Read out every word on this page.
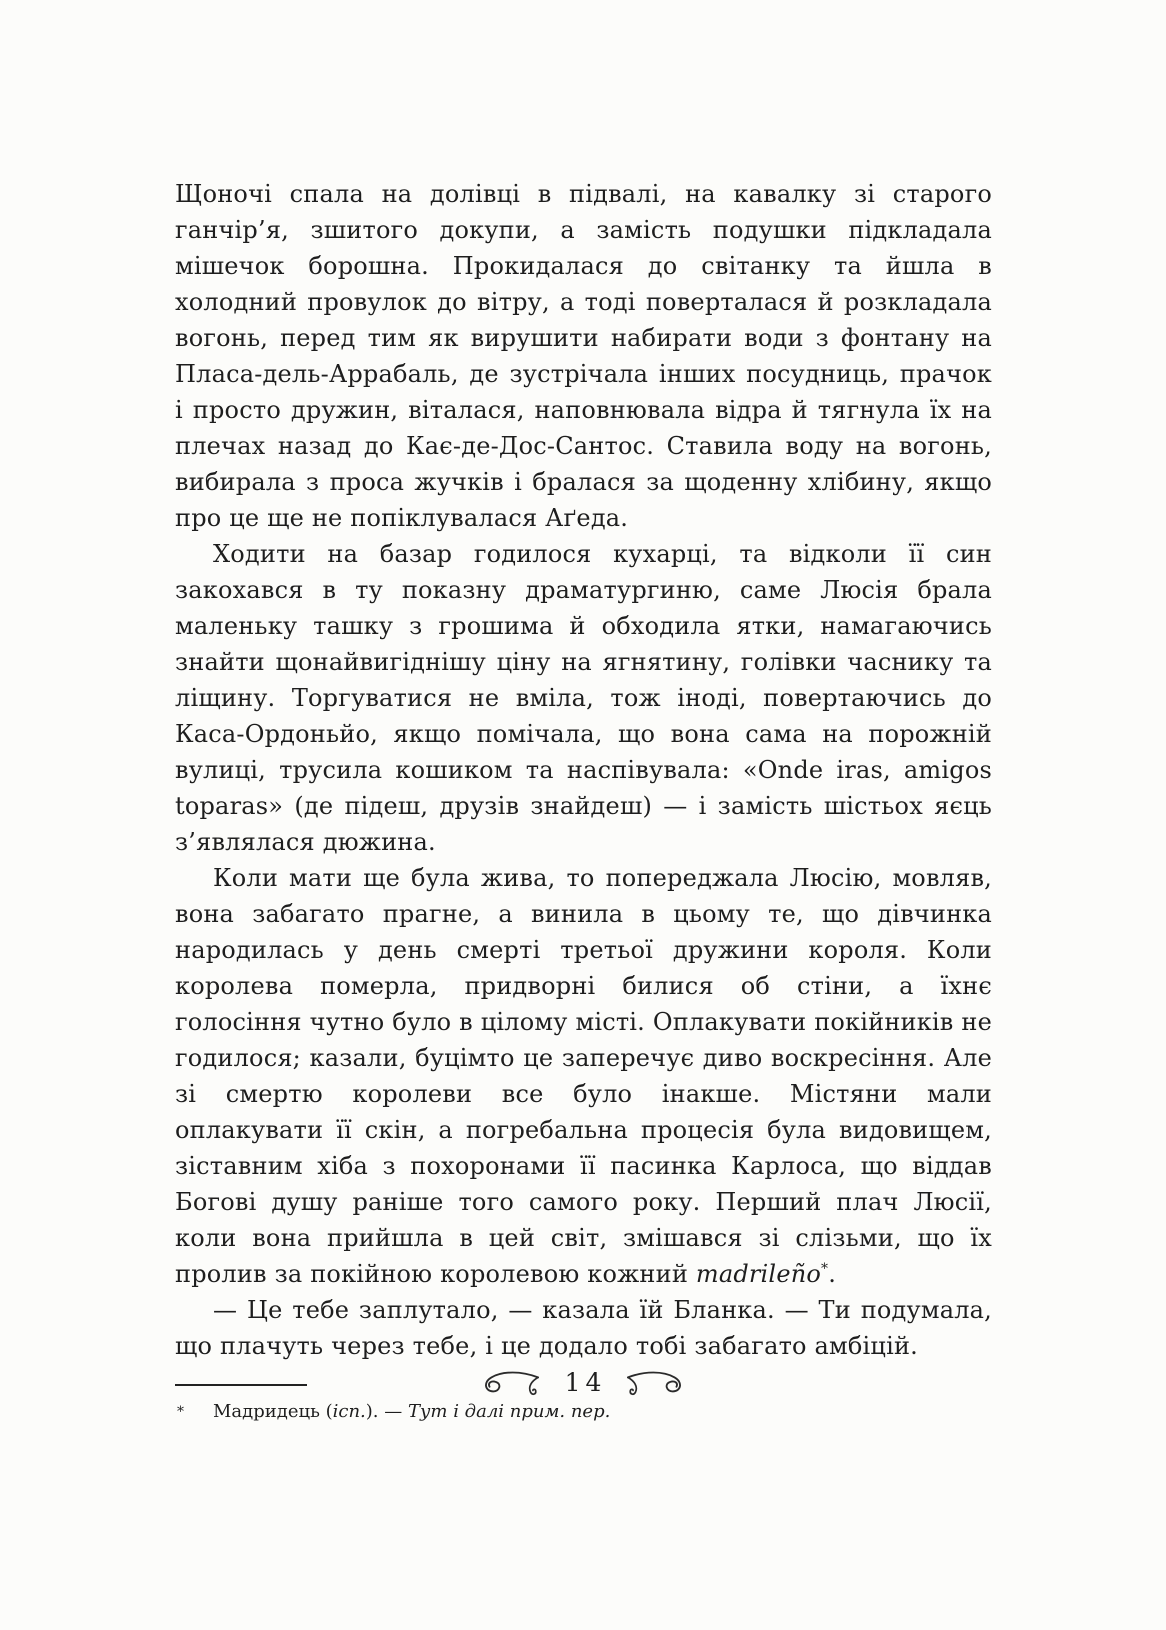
Щоночі спала на долівці в підвалі, на кавалку зі старого ганчір’я, зшитого докупи, а замість подушки підкладала мішечок борошна. Прокидалася до світанку та йшла в холодний провулок до вітру, а тоді поверталася й розкладала вогонь, перед тим як вирушити набирати води з фонтану на Пласа-дель-Аррабаль, де зустрічала інших посудниць, прачок і просто дружин, віталася, наповнювала відра й тягнула їх на плечах назад до Кає-де-Дос-Сантос. Ставила воду на вогонь, вибирала з проса жучків і бралася за щоденну хлібину, якщо про це ще не попіклувалася Аґеда.

Ходити на базар годилося кухарці, та відколи її син закохався в ту показну драматургиню, саме Люсія брала маленьку ташку з грошима й обходила ятки, намагаючись знайти щонайвигіднішу ціну на ягнятину, голівки часнику та ліщину. Торгуватися не вміла, тож іноді, повертаючись до Каса-Ордоньйо, якщо помічала, що вона сама на порожній вулиці, трусила кошиком та наспівувала: «Onde iras, amigos toparas» (де підеш, друзів знайдеш) — і замість шістьох яєць з’являлася дюжина.

Коли мати ще була жива, то попереджала Люсію, мовляв, вона забагато прагне, а винила в цьому те, що дівчинка народилась у день смерті третьої дружини короля. Коли королева померла, придворні билися об стіни, а їхнє голосіння чутно було в цілому місті. Оплакувати покійників не годилося; казали, буцімто це заперечує диво воскресіння. Але зі смертю королеви все було інакше. Містяни мали оплакувати її скін, а погребальна процесія була видовищем, зіставним хіба з похоронами її пасинка Карлоса, що віддав Богові душу раніше того самого року. Перший плач Люсії, коли вона прийшла в цей світ, змішався зі слізьми, що їх пролив за покійною королевою кожний madrileño*.

— Це тебе заплутало, — казала їй Бланка. — Ти подумала, що плачуть через тебе, і це додало тобі забагато амбіцій.

* Мадридець (ісп.). — Тут і далі прим. пер.

14
